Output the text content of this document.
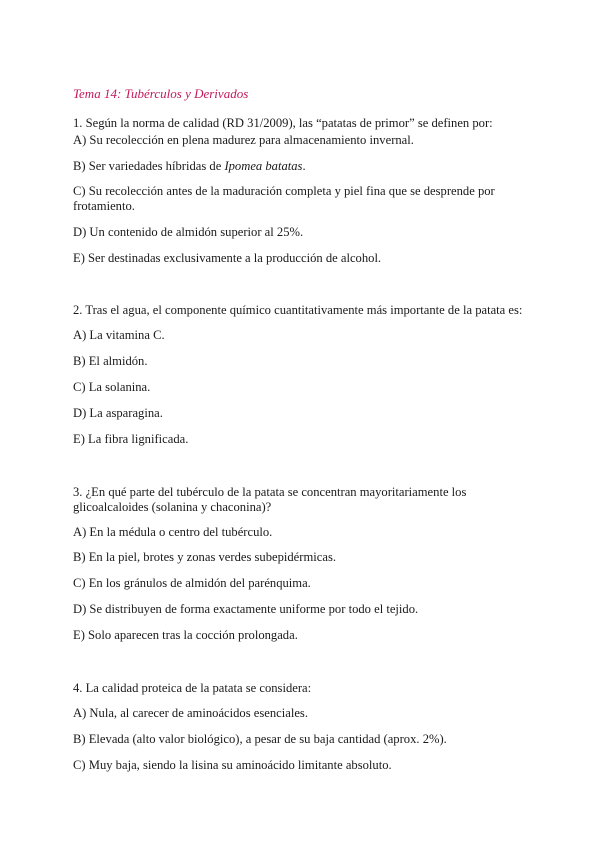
Tema 14: Tubérculos y Derivados
1. Según la norma de calidad (RD 31/2009), las “patatas de primor” se definen por:
A) Su recolección en plena madurez para almacenamiento invernal.
B) Ser variedades híbridas de Ipomea batatas.
C) Su recolección antes de la maduración completa y piel fina que se desprende por frotamiento.
D) Un contenido de almidón superior al 25%.
E) Ser destinadas exclusivamente a la producción de alcohol.
2. Tras el agua, el componente químico cuantitativamente más importante de la patata es:
A) La vitamina C.
B) El almidón.
C) La solanina.
D) La asparagina.
E) La fibra lignificada.
3. ¿En qué parte del tubérculo de la patata se concentran mayoritariamente los glicoalcaloides (solanina y chaconina)?
A) En la médula o centro del tubérculo.
B) En la piel, brotes y zonas verdes subepidérmicas.
C) En los gránulos de almidón del parénquima.
D) Se distribuyen de forma exactamente uniforme por todo el tejido.
E) Solo aparecen tras la cocción prolongada.
4. La calidad proteica de la patata se considera:
A) Nula, al carecer de aminoácidos esenciales.
B) Elevada (alto valor biológico), a pesar de su baja cantidad (aprox. 2%).
C) Muy baja, siendo la lisina su aminoácido limitante absoluto.
